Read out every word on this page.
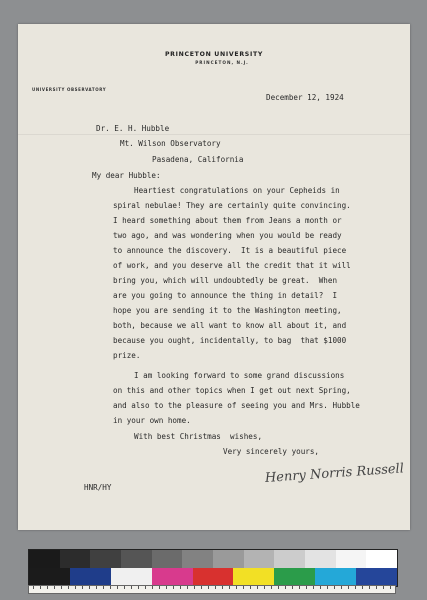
PRINCETON UNIVERSITY
PRINCETON, N.J.
UNIVERSITY OBSERVATORY
December 12, 1924
Dr. E. H. Hubble
Mt. Wilson Observatory
Pasadena, California
My dear Hubble:
Heartiest congratulations on your Cepheids in
spiral nebulae! They are certainly quite convincing.
I heard something about them from Jeans a month or
two ago, and was wondering when you would be ready
to announce the discovery.  It is a beautiful piece
of work, and you deserve all the credit that it will
bring you, which will undoubtedly be great.  When
are you going to announce the thing in detail?  I
hope you are sending it to the Washington meeting,
both, because we all want to know all about it, and
because you ought, incidentally, to bag  that $1000
prize.
I am looking forward to some grand discussions
on this and other topics when I get out next Spring,
and also to the pleasure of seeing you and Mrs. Hubble
in your own home.
With best Christmas  wishes,
Very sincerely yours,
HNR/HY
Henry Norris Russell
